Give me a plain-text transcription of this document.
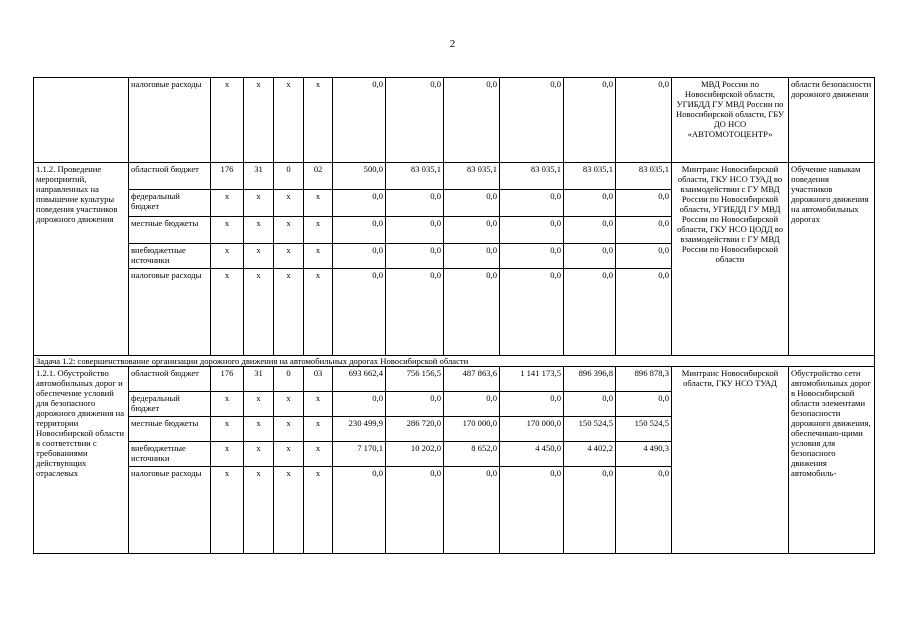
2
	налоговые расходы	х	х	х	х	0,0	0,0	0,0	0,0	0,0	0,0	МВД России по Новосибирской области, УГИБДД ГУ МВД России по Новосибирской области, ГБУ ДО НСО «АВТОМОТОЦЕНТР»	области безопасности дорожного движения
1.1.2. Проведение мероприятий, направленных на повышение культуры поведения участников дорожного движения	областной бюджет	176	31	0	02	500,0	83 035,1	83 035,1	83 035,1	83 035,1	83 035,1	Минтранс Новосибирской области, ГКУ НСО ТУАД во взаимодействии с ГУ МВД России по Новосибирской области, УГИБДД ГУ МВД России по Новосибирской области, ГКУ НСО ЦОДД во взаимодействии с ГУ МВД России по Новосибирской области	Обучение навыкам поведения участников дорожного движения на автомобильных дорогах
	федеральный бюджет	х	х	х	х	0,0	0,0	0,0	0,0	0,0	0,0		
	местные бюджеты	х	х	х	х	0,0	0,0	0,0	0,0	0,0	0,0		
	внебюджетные источники	х	х	х	х	0,0	0,0	0,0	0,0	0,0	0,0		
	налоговые расходы	х	х	х	х	0,0	0,0	0,0	0,0	0,0	0,0		
Задача 1.2: совершенствование организации дорожного движения на автомобильных дорогах Новосибирской области													
1.2.1. Обустройство автомобильных дорог и обеспечение условий для безопасного дорожного движения на территории Новосибирской области в соответствии с требованиями действующих отраслевых	областной бюджет	176	31	0	03	693 662,4	756 156,5	487 863,6	1 141 173,5	896 396,8	896 878,3	Минтранс Новосибирской области, ГКУ НСО ТУАД	Обустройство сети автомобильных дорог в Новосибирской области элементами безопасности дорожного движения, обеспечиваю-щими условия для безопасного движения автомобиль-
	федеральный бюджет	х	х	х	х	0,0	0,0	0,0	0,0	0,0	0,0		
	местные бюджеты	х	х	х	х	230 499,9	286 720,0	170 000,0	170 000,0	150 524,5	150 524,5		
	внебюджетные источники	х	х	х	х	7 170,1	10 202,0	8 652,0	4 450,0	4 402,2	4 490,3		
	налоговые расходы	х	х	х	х	0,0	0,0	0,0	0,0	0,0	0,0		
